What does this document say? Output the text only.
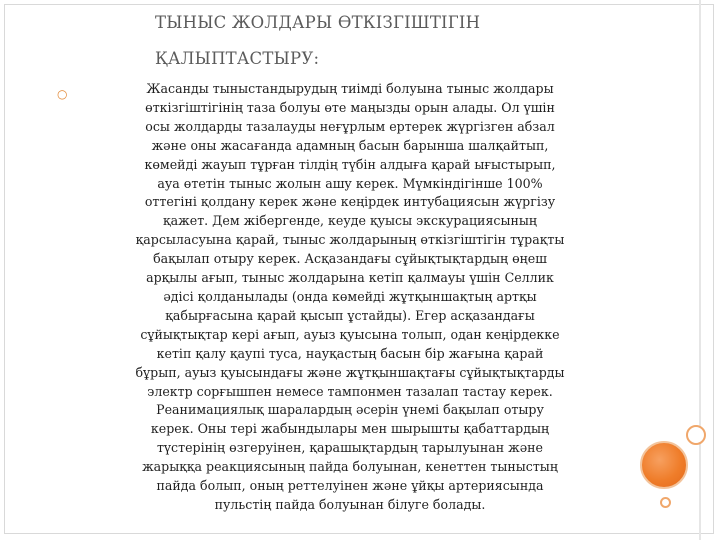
ТЫНЫС ЖОЛДАРЫ ӨТКІЗГІШТІГІН
ҚАЛЫПТАСТЫРУ:
○	Жасанды тыныстандырудың тиімді болуына тыныс жолдары
өткізгіштігінің таза болуы өте маңызды орын алады. Ол үшін
осы жолдарды тазалауды неғұрлым ертерек жүргізген абзал
және оны жасағанда адамның басын барынша шалқайтып,
көмейді жауып тұрған тілдің түбін алдыға қарай ығыстырып,
ауа өтетін тыныс жолын ашу керек. Мүмкіндігінше 100%
оттегіні қолдану керек және кеңірдек интубациясын жүргізу
қажет. Дем жібергенде, кеуде қуысы экскурациясының
қарсыласуына қарай, тыныс жолдарының өткізгіштігін тұрақты
бақылап отыру керек. Асқазандағы сұйықтықтардың өңеш
арқылы ағып, тыныс жолдарына кетіп қалмауы үшін Селлик
әдісі қолданылады (онда көмейді жұтқыншақтың артқы
қабырғасына қарай қысып ұстайды). Егер асқазандағы
сұйықтықтар кері ағып, ауыз қуысына толып, одан кеңірдекке
кетіп қалу қаупі туса, науқастың басын бір жағына қарай
бұрып, ауыз қуысындағы және жұтқыншақтағы сұйықтықтарды
электр сорғышпен немесе тампонмен тазалап тастау керек.
Реанимациялық шаралардың әсерін үнемі бақылап отыру
керек. Оны тері жабындылары мен шырышты қабаттардың
түстерінің өзгеруінен, қарашықтардың тарылуынан және
жарыққа реакциясының пайда болуынан, кенеттен тыныстың
пайда болып, оның реттелуінен және ұйқы артериясында
пульстің пайда болуынан білуге болады.
